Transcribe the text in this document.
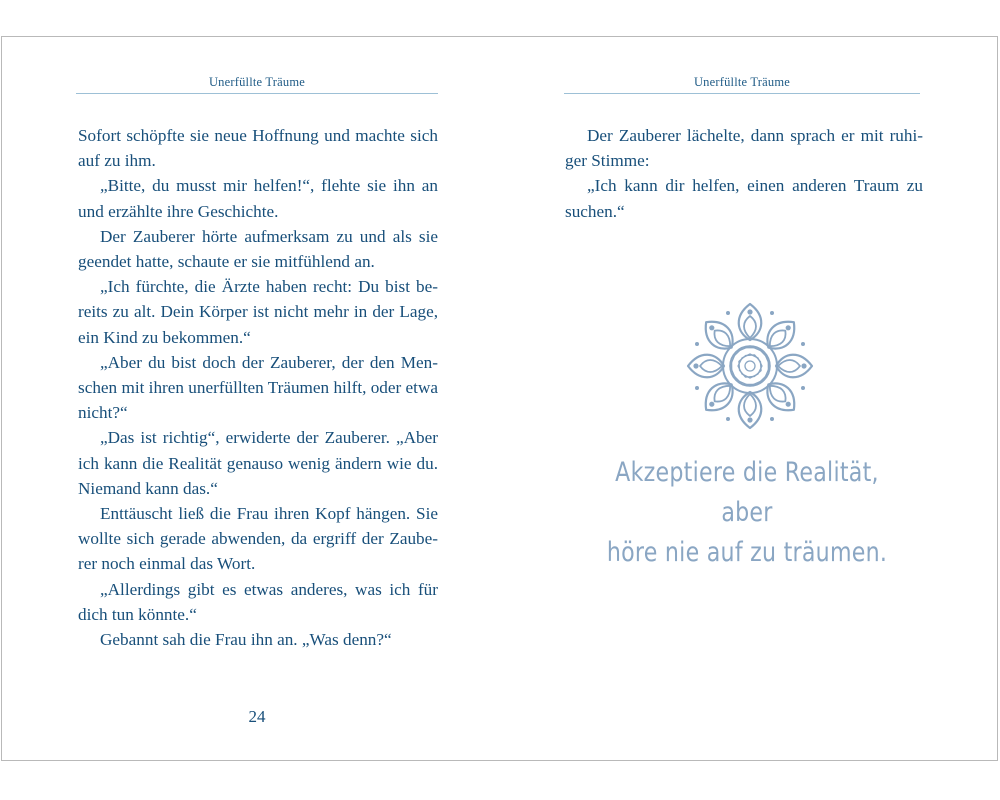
Unerfüllte Träume

Sofort schöpfte sie neue Hoffnung und machte sich auf zu ihm.

„Bitte, du musst mir helfen!“, flehte sie ihn an und erzählte ihre Geschichte.

Der Zauberer hörte aufmerksam zu und als sie geendet hatte, schaute er sie mitfühlend an.

„Ich fürchte, die Ärzte haben recht: Du bist be-reits zu alt. Dein Körper ist nicht mehr in der Lage, ein Kind zu bekommen.“

„Aber du bist doch der Zauberer, der den Men-schen mit ihren unerfüllten Träumen hilft, oder etwa nicht?“

„Das ist richtig“, erwiderte der Zauberer. „Aber ich kann die Realität genauso wenig ändern wie du. Niemand kann das.“

Enttäuscht ließ die Frau ihren Kopf hängen. Sie wollte sich gerade abwenden, da ergriff der Zaube-rer noch einmal das Wort.

„Allerdings gibt es etwas anderes, was ich für dich tun könnte.“

Gebannt sah die Frau ihn an. „Was denn?“

24
Unerfüllte Träume

Der Zauberer lächelte, dann sprach er mit ruhi-ger Stimme:

„Ich kann dir helfen, einen anderen Traum zu suchen.“

Akzeptiere die Realität, aber
höre nie auf zu träumen.
